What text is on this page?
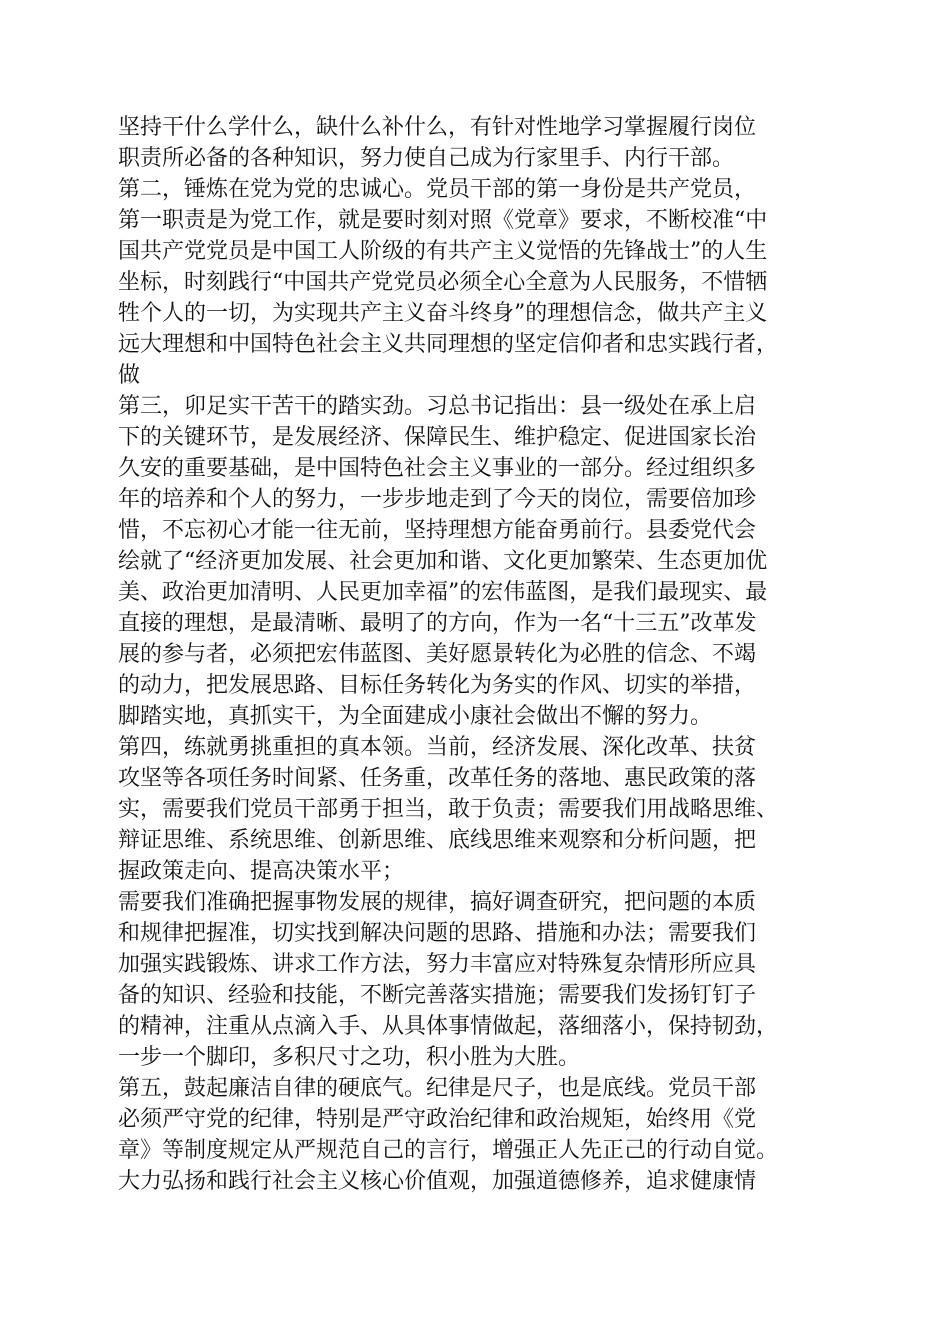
坚持干什么学什么，缺什么补什么，有针对性地学习掌握履行岗位
职责所必备的各种知识，努力使自己成为行家里手、内行干部。
第二，锤炼在党为党的忠诚心。党员干部的第一身份是共产党员，
第一职责是为党工作，就是要时刻对照《党章》要求，不断校准“中
国共产党党员是中国工人阶级的有共产主义觉悟的先锋战士”的人生
坐标，时刻践行“中国共产党党员必须全心全意为人民服务，不惜牺
牲个人的一切，为实现共产主义奋斗终身”的理想信念，做共产主义
远大理想和中国特色社会主义共同理想的坚定信仰者和忠实践行者，
做
第三，卯足实干苦干的踏实劲。习总书记指出：县一级处在承上启
下的关键环节，是发展经济、保障民生、维护稳定、促进国家长治
久安的重要基础，是中国特色社会主义事业的一部分。经过组织多
年的培养和个人的努力，一步步地走到了今天的岗位，需要倍加珍
惜，不忘初心才能一往无前，坚持理想方能奋勇前行。县委党代会
绘就了“经济更加发展、社会更加和谐、文化更加繁荣、生态更加优
美、政治更加清明、人民更加幸福”的宏伟蓝图，是我们最现实、最
直接的理想，是最清晰、最明了的方向，作为一名“十三五”改革发
展的参与者，必须把宏伟蓝图、美好愿景转化为必胜的信念、不竭
的动力，把发展思路、目标任务转化为务实的作风、切实的举措，
脚踏实地，真抓实干，为全面建成小康社会做出不懈的努力。
第四，练就勇挑重担的真本领。当前，经济发展、深化改革、扶贫
攻坚等各项任务时间紧、任务重，改革任务的落地、惠民政策的落
实，需要我们党员干部勇于担当，敢于负责；需要我们用战略思维、
辩证思维、系统思维、创新思维、底线思维来观察和分析问题，把
握政策走向、提高决策水平；
需要我们准确把握事物发展的规律，搞好调查研究，把问题的本质
和规律把握准，切实找到解决问题的思路、措施和办法；需要我们
加强实践锻炼、讲求工作方法，努力丰富应对特殊复杂情形所应具
备的知识、经验和技能，不断完善落实措施；需要我们发扬钉钉子
的精神，注重从点滴入手、从具体事情做起，落细落小，保持韧劲，
一步一个脚印，多积尺寸之功，积小胜为大胜。
第五，鼓起廉洁自律的硬底气。纪律是尺子，也是底线。党员干部
必须严守党的纪律，特别是严守政治纪律和政治规矩，始终用《党
章》等制度规定从严规范自己的言行，增强正人先正己的行动自觉。
大力弘扬和践行社会主义核心价值观，加强道德修养，追求健康情
